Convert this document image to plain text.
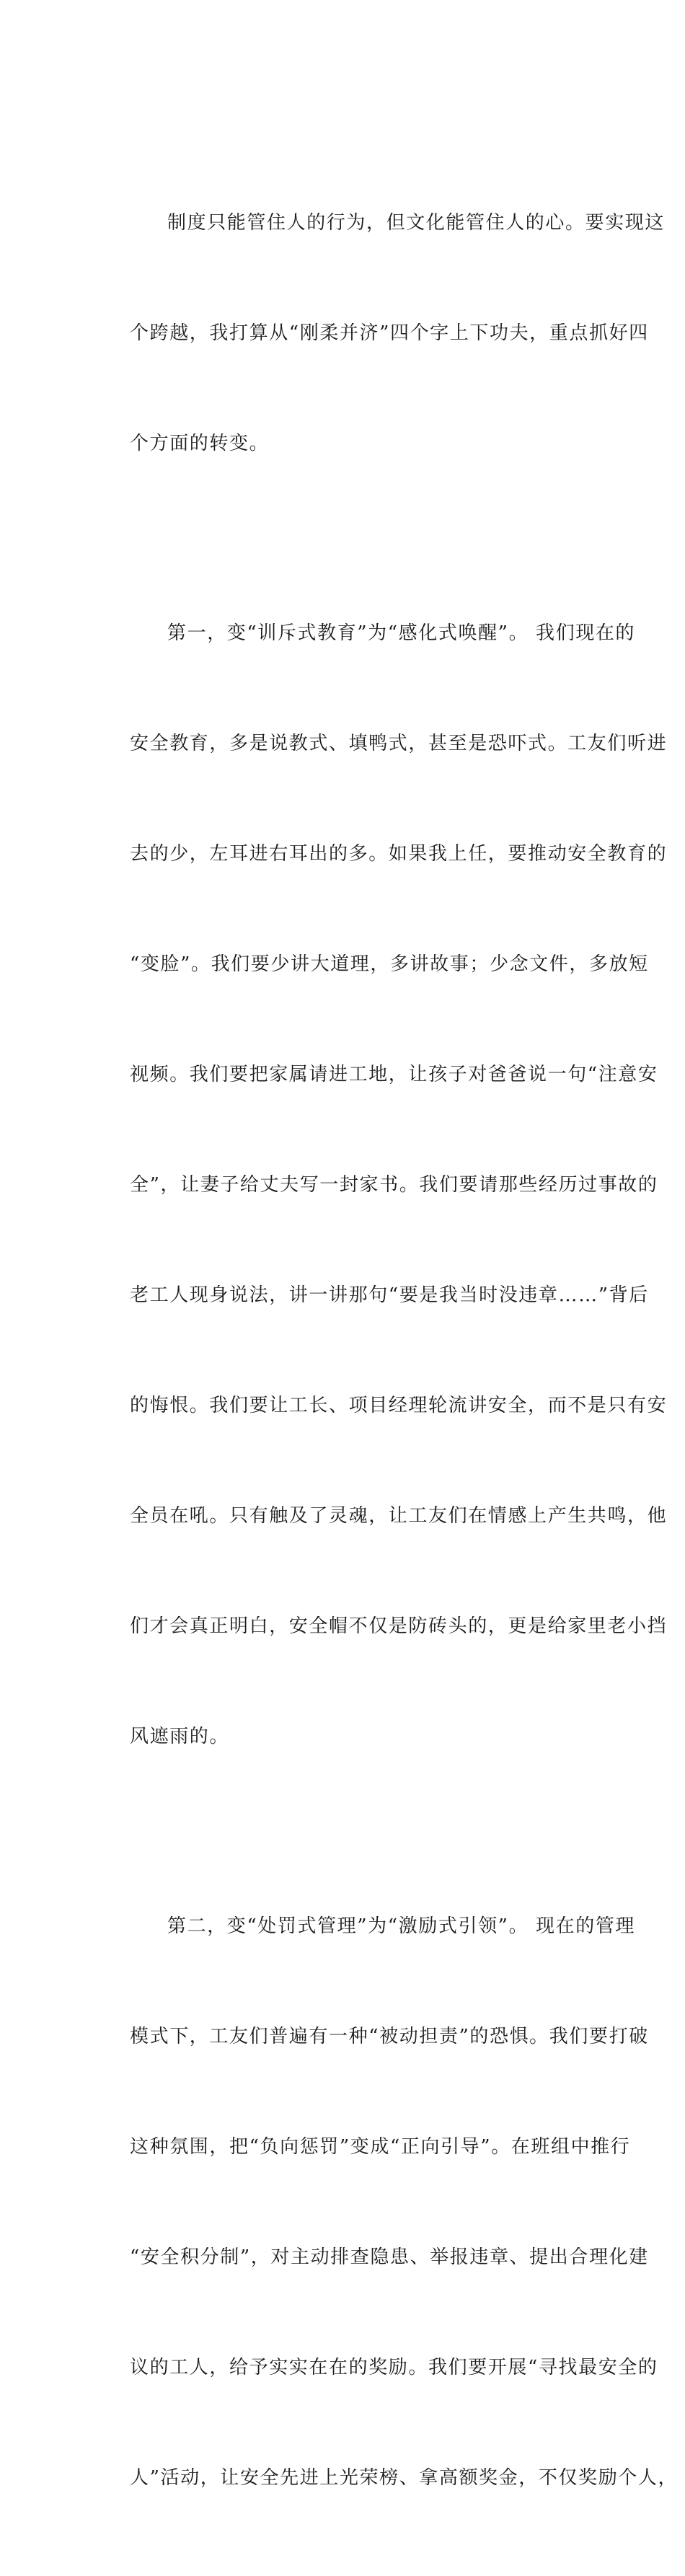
制度只能管住人的行为，但文化能管住人的心。要实现这

个跨越，我打算从“刚柔并济”四个字上下功夫，重点抓好四

个方面的转变。

第一，变“训斥式教育”为“感化式唤醒”。 我们现在的

安全教育，多是说教式、填鸭式，甚至是恐吓式。工友们听进

去的少，左耳进右耳出的多。如果我上任，要推动安全教育的

“变脸”。我们要少讲大道理，多讲故事；少念文件，多放短

视频。我们要把家属请进工地，让孩子对爸爸说一句“注意安

全”，让妻子给丈夫写一封家书。我们要请那些经历过事故的

老工人现身说法，讲一讲那句“要是我当时没违章……”背后

的悔恨。我们要让工长、项目经理轮流讲安全，而不是只有安

全员在吼。只有触及了灵魂，让工友们在情感上产生共鸣，他

们才会真正明白，安全帽不仅是防砖头的，更是给家里老小挡

风遮雨的。

第二，变“处罚式管理”为“激励式引领”。 现在的管理

模式下，工友们普遍有一种“被动担责”的恐惧。我们要打破

这种氛围，把“负向惩罚”变成“正向引导”。在班组中推行

“安全积分制”，对主动排查隐患、举报违章、提出合理化建

议的工人，给予实实在在的奖励。我们要开展“寻找最安全的

人”活动，让安全先进上光荣榜、拿高额奖金，不仅奖励个人，
